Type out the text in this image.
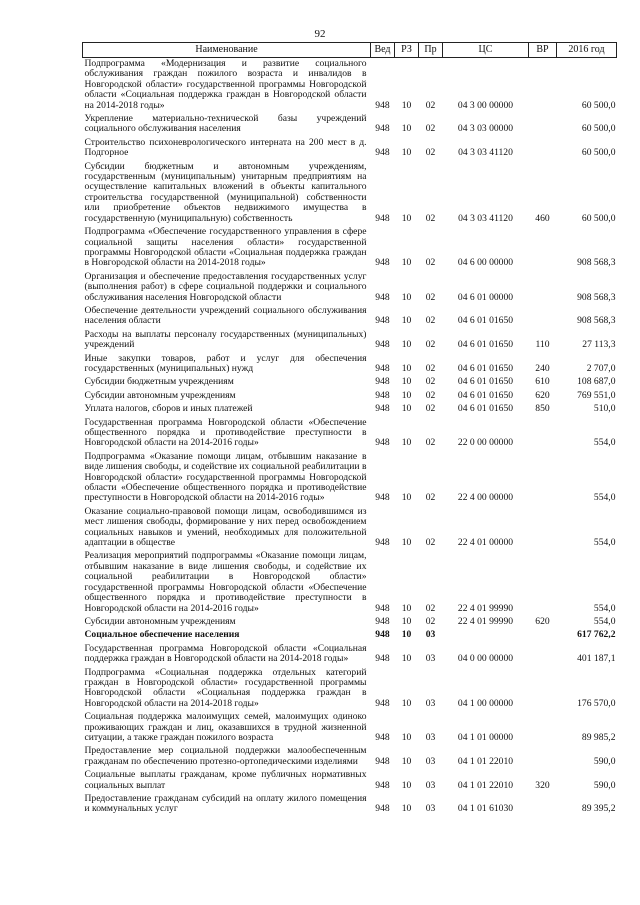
92
Наименование	Вед	РЗ	Пр	ЦС	ВР	2016 год
Подпрограмма «Модернизация и развитие социального обслуживания граждан пожилого возраста и инвалидов в Новгородской области» государственной программы Новгородской области «Социальная поддержка граждан в Новгородской области на 2014-2018 годы»	948	10	02	04 3 00 00000		60 500,0
Укрепление материально-технической базы учреждений социального обслуживания населения	948	10	02	04 3 03 00000		60 500,0
Строительство психоневрологического интерната на 200 мест в д. Подгорное	948	10	02	04 3 03 41120		60 500,0
Субсидии бюджетным и автономным учреждениям, государственным (муниципальным) унитарным предприятиям на осуществление капитальных вложений в объекты капитального строительства государственной (муниципальной) собственности или приобретение объектов недвижимого имущества в государственную (муниципальную) собственность	948	10	02	04 3 03 41120	460	60 500,0
Подпрограмма «Обеспечение государственного управления в сфере социальной защиты населения области» государственной программы Новгородской области «Социальная поддержка граждан в Новгородской области на 2014-2018 годы»	948	10	02	04 6 00 00000		908 568,3
Организация и обеспечение предоставления государственных услуг (выполнения работ) в сфере социальной поддержки и социального обслуживания населения Новгородской области	948	10	02	04 6 01 00000		908 568,3
Обеспечение деятельности учреждений социального обслуживания населения области	948	10	02	04 6 01 01650		908 568,3
Расходы на выплаты персоналу государственных (муниципальных) учреждений	948	10	02	04 6 01 01650	110	27 113,3
Иные закупки товаров, работ и услуг для обеспечения государственных (муниципальных) нужд	948	10	02	04 6 01 01650	240	2 707,0
Субсидии бюджетным учреждениям	948	10	02	04 6 01 01650	610	108 687,0
Субсидии автономным учреждениям	948	10	02	04 6 01 01650	620	769 551,0
Уплата налогов, сборов и иных платежей	948	10	02	04 6 01 01650	850	510,0
Государственная программа Новгородской области «Обеспечение общественного порядка и противодействие преступности в Новгородской области на 2014-2016 годы»	948	10	02	22 0 00 00000		554,0
Подпрограмма «Оказание помощи лицам, отбывшим наказание в виде лишения свободы, и содействие их социальной реабилитации в Новгородской области» государственной программы Новгородской области «Обеспечение общественного порядка и противодействие преступности в Новгородской области на 2014-2016 годы»	948	10	02	22 4 00 00000		554,0
Оказание социально-правовой помощи лицам, освободившимся из мест лишения свободы, формирование у них перед освобождением социальных навыков и умений, необходимых для положительной адаптации в обществе	948	10	02	22 4 01 00000		554,0
Реализация мероприятий подпрограммы «Оказание помощи лицам, отбывшим наказание в виде лишения свободы, и содействие их социальной реабилитации в Новгородской области» государственной программы Новгородской области «Обеспечение общественного порядка и противодействие преступности в Новгородской области на 2014-2016 годы»	948	10	02	22 4 01 99990		554,0
Субсидии автономным учреждениям	948	10	02	22 4 01 99990	620	554,0
Социальное обеспечение населения	948	10	03			617 762,2
Государственная программа Новгородской области «Социальная поддержка граждан в Новгородской области на 2014-2018 годы»	948	10	03	04 0 00 00000		401 187,1
Подпрограмма «Социальная поддержка отдельных категорий граждан в Новгородской области» государственной программы Новгородской области «Социальная поддержка граждан в Новгородской области на 2014-2018 годы»	948	10	03	04 1 00 00000		176 570,0
Социальная поддержка малоимущих семей, малоимущих одиноко проживающих граждан и лиц, оказавшихся в трудной жизненной ситуации, а также граждан пожилого возраста	948	10	03	04 1 01 00000		89 985,2
Предоставление мер социальной поддержки малообеспеченным гражданам по обеспечению протезно-ортопедическими изделиями	948	10	03	04 1 01 22010		590,0
Социальные выплаты гражданам, кроме публичных нормативных социальных выплат	948	10	03	04 1 01 22010	320	590,0
Предоставление гражданам субсидий на оплату жилого помещения и коммунальных услуг	948	10	03	04 1 01 61030		89 395,2
